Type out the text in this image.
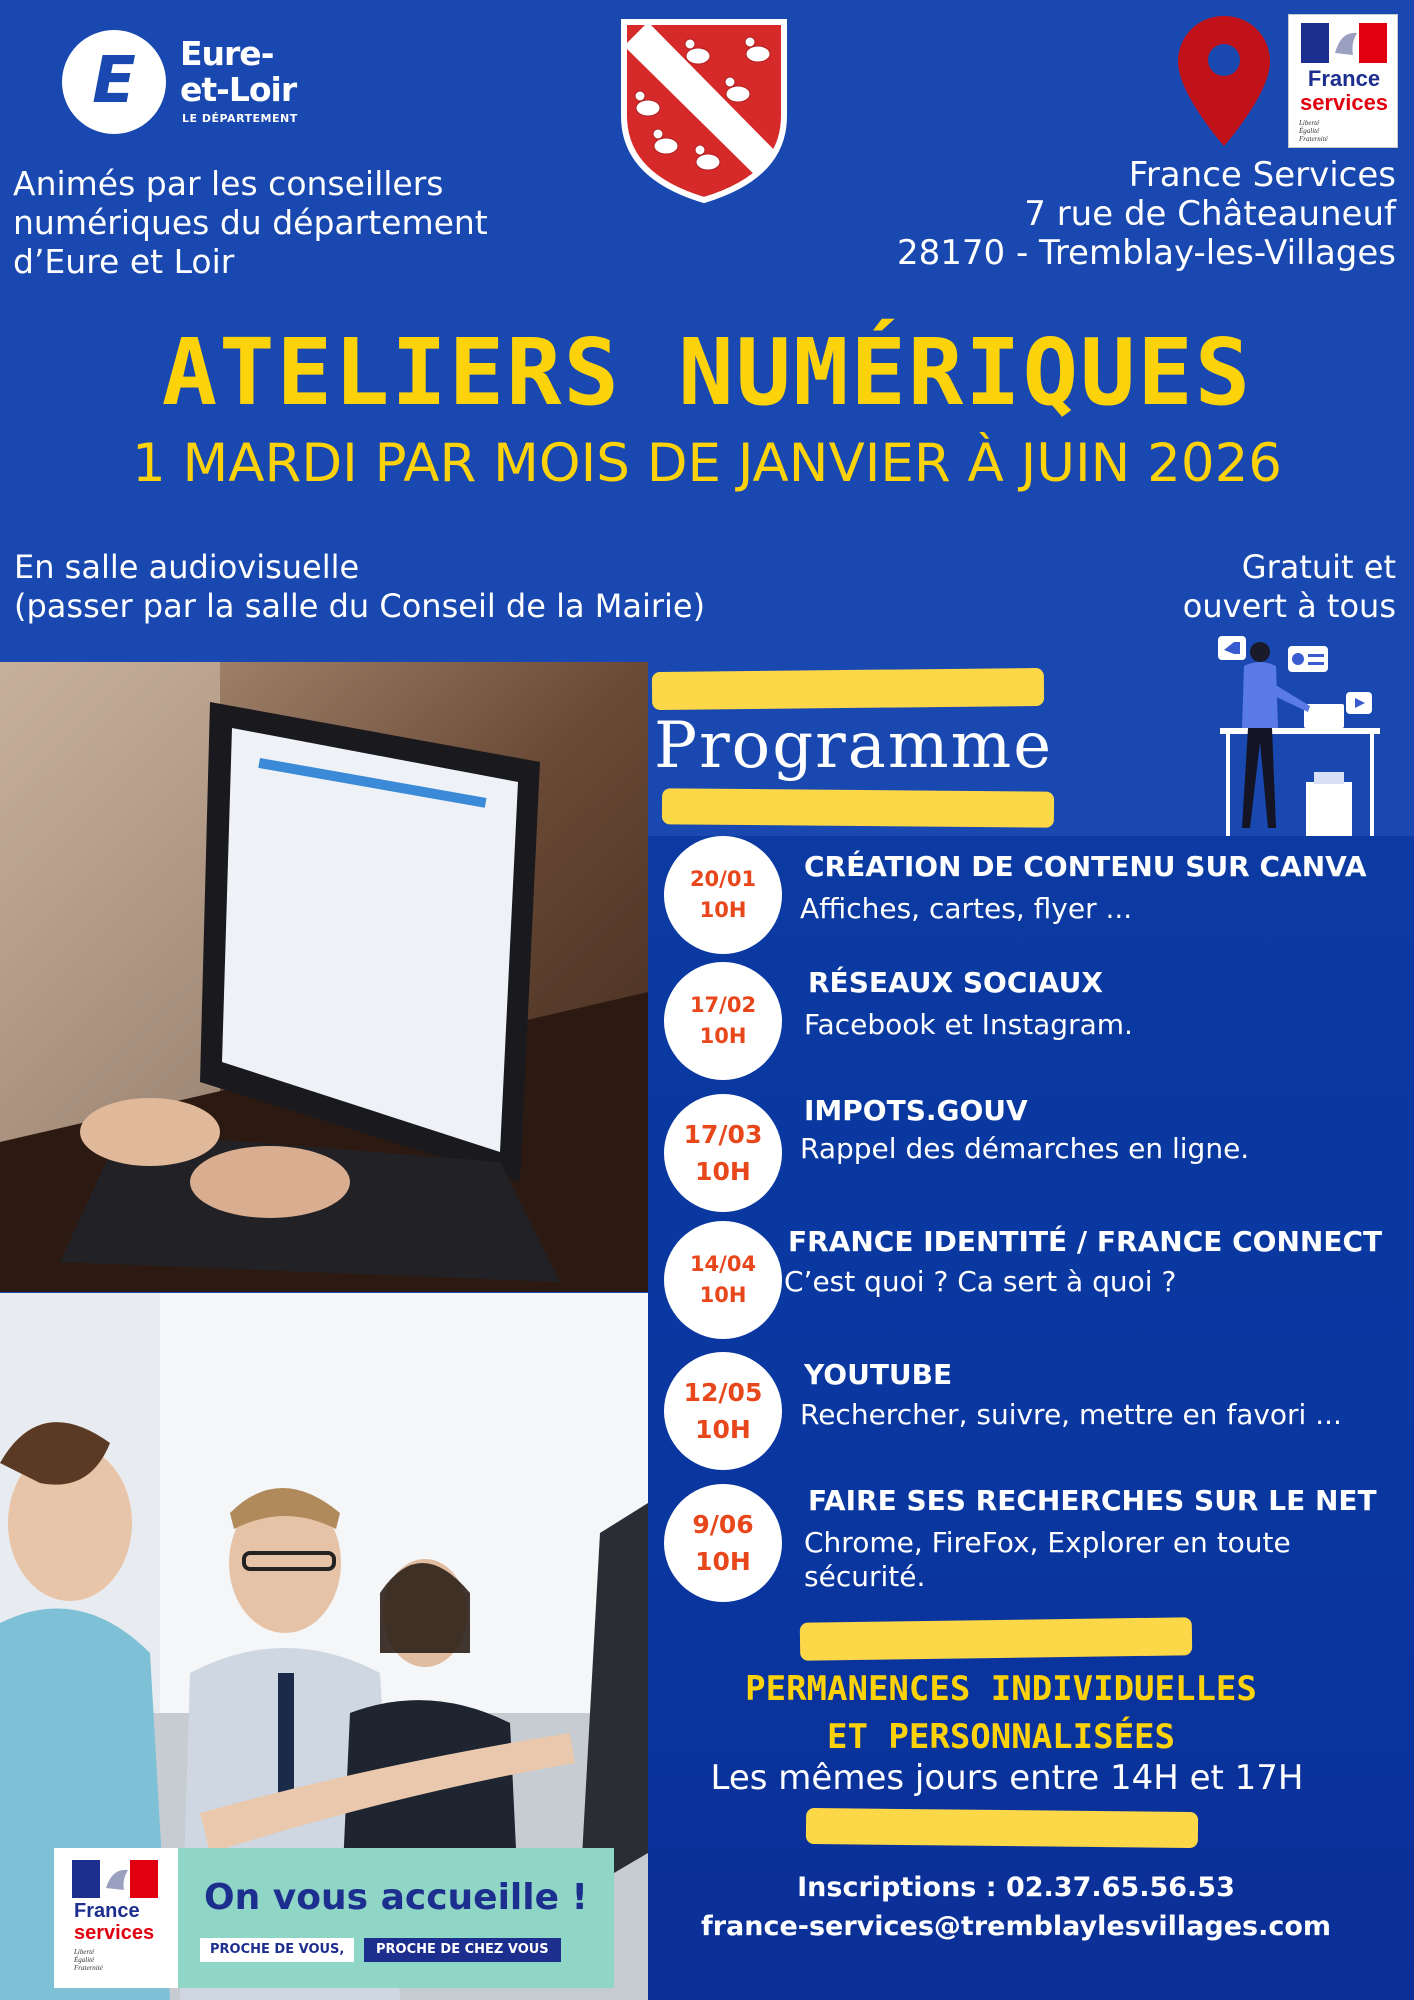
E	Eure-
et-Loir
LE DÉPARTEMENT
France
services
Liberté
Égalité
Fraternité
Animés par les conseillers
numériques du département
d’Eure et Loir
France Services
7 rue de Châteauneuf
28170 - Tremblay-les-Villages
ATELIERS NUMÉRIQUES
1 MARDI PAR MOIS DE JANVIER À JUIN 2026
En salle audiovisuelle
(passer par la salle du Conseil de la Mairie)
Gratuit et
ouvert à tous
Programme
20/01
10H
CRÉATION DE CONTENU SUR CANVA
Affiches, cartes, flyer ...
17/02
10H
RÉSEAUX SOCIAUX
Facebook et Instagram.
17/03
10H
IMPOTS.GOUV
Rappel des démarches en ligne.
14/04
10H
FRANCE IDENTITÉ / FRANCE CONNECT
C’est quoi ? Ca sert à quoi ?
12/05
10H
YOUTUBE
Rechercher, suivre, mettre en favori ...
9/06
10H
FAIRE SES RECHERCHES SUR LE NET
Chrome, FireFox, Explorer en toute sécurité.
PERMANENCES INDIVIDUELLES
ET PERSONNALISÉES
Les mêmes jours entre 14H et 17H
Inscriptions : 02.37.65.56.53
france-services@tremblaylesvillages.com
France
services
Liberté
Égalité
Fraternité
On vous accueille !
PROCHE DE VOUS,	PROCHE DE CHEZ VOUS
